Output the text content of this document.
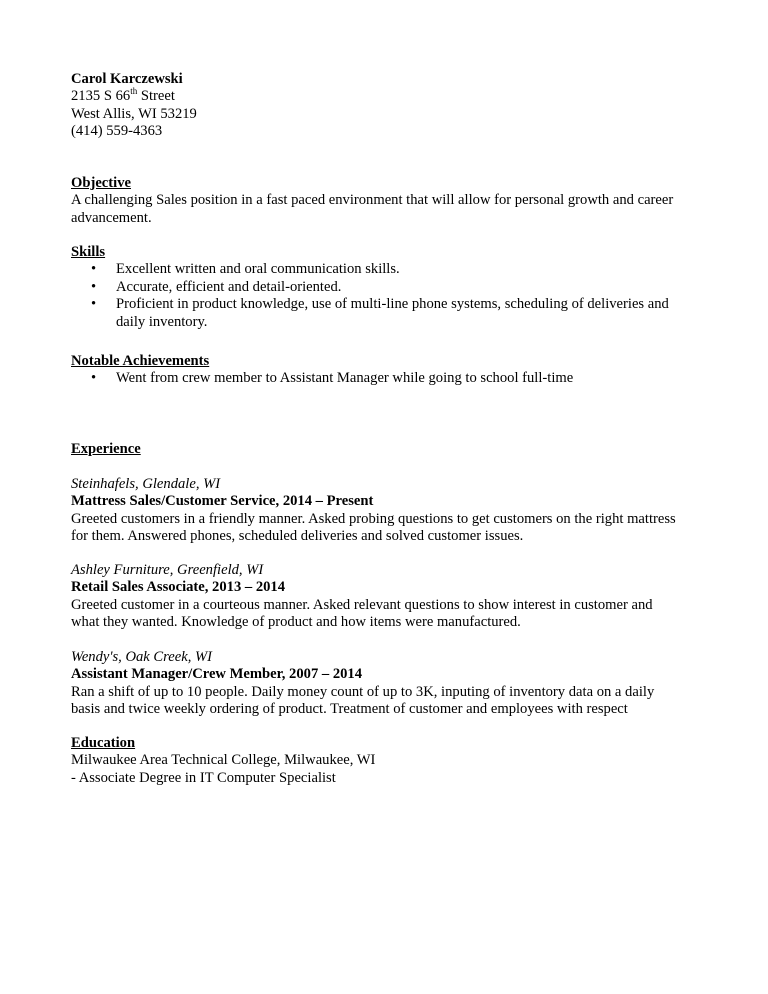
Carol Karczewski
2135 S 66th Street
West Allis, WI 53219
(414) 559-4363
Objective
A challenging Sales position in a fast paced environment that will allow for personal growth and career
advancement.
Skills
• Excellent written and oral communication skills.
• Accurate, efficient and detail-oriented.
• Proficient in product knowledge, use of multi-line phone systems, scheduling of deliveries and
daily inventory.
Notable Achievements
• Went from crew member to Assistant Manager while going to school full-time
Experience
Steinhafels, Glendale, WI
Mattress Sales/Customer Service, 2014 – Present
Greeted customers in a friendly manner. Asked probing questions to get customers on the right mattress
for them. Answered phones, scheduled deliveries and solved customer issues.
Ashley Furniture, Greenfield, WI
Retail Sales Associate, 2013 – 2014
Greeted customer in a courteous manner. Asked relevant questions to show interest in customer and
what they wanted. Knowledge of product and how items were manufactured.
Wendy's, Oak Creek, WI
Assistant Manager/Crew Member, 2007 – 2014
Ran a shift of up to 10 people. Daily money count of up to 3K, inputing of inventory data on a daily
basis and twice weekly ordering of product. Treatment of customer and employees with respect
Education
Milwaukee Area Technical College, Milwaukee, WI
- Associate Degree in IT Computer Specialist
